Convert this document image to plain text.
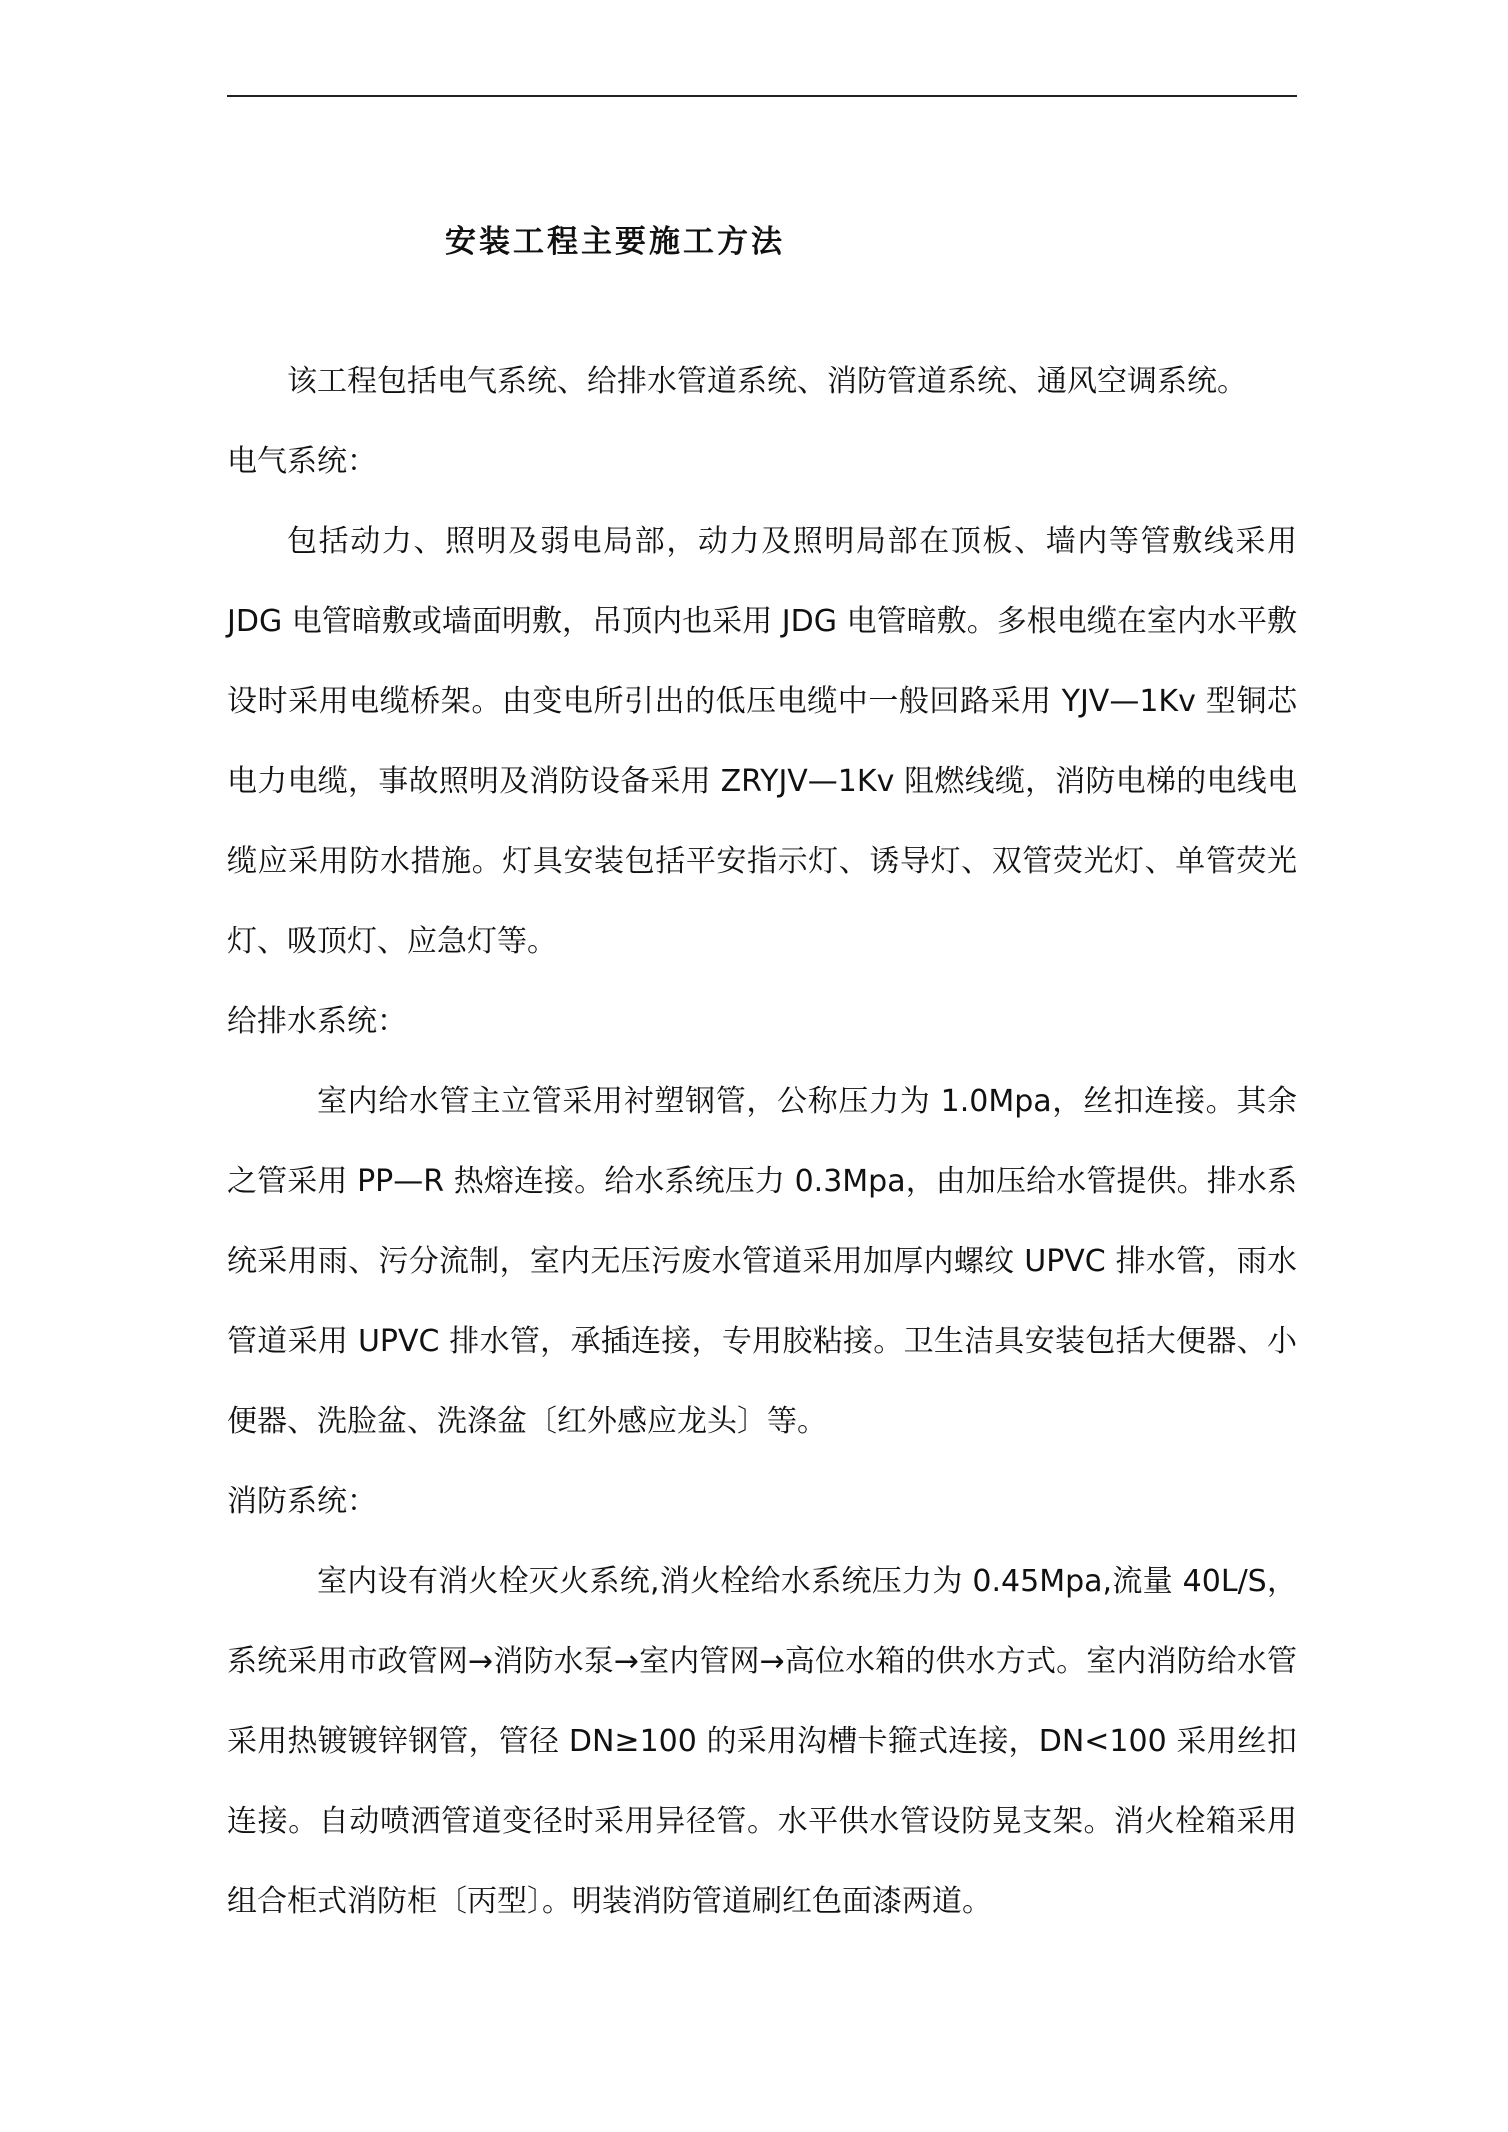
安装工程主要施工方法

该工程包括电气系统、给排水管道系统、消防管道系统、通风空调系统。

电气系统：

包括动力、照明及弱电局部，动力及照明局部在顶板、墙内等管敷线采用 JDG 电管暗敷或墙面明敷，吊顶内也采用 JDG 电管暗敷。多根电缆在室内水平敷设时采用电缆桥架。由变电所引出的低压电缆中一般回路采用 YJV—1Kv 型铜芯电力电缆，事故照明及消防设备采用 ZRYJV—1Kv 阻燃线缆，消防电梯的电线电缆应采用防水措施。灯具安装包括平安指示灯、诱导灯、双管荧光灯、单管荧光灯、吸顶灯、应急灯等。

给排水系统：

室内给水管主立管采用衬塑钢管，公称压力为 1.0Mpa，丝扣连接。其余之管采用 PP—R 热熔连接。给水系统压力 0.3Mpa，由加压给水管提供。排水系统采用雨、污分流制，室内无压污废水管道采用加厚内螺纹 UPVC 排水管，雨水管道采用 UPVC 排水管，承插连接，专用胶粘接。卫生洁具安装包括大便器、小便器、洗脸盆、洗涤盆〔红外感应龙头〕等。

消防系统：

室内设有消火栓灭火系统,消火栓给水系统压力为 0.45Mpa,流量 40L/S，系统采用市政管网→消防水泵→室内管网→高位水箱的供水方式。室内消防给水管采用热镀镀锌钢管，管径 DN≥100 的采用沟槽卡箍式连接，DN<100 采用丝扣连接。自动喷洒管道变径时采用异径管。水平供水管设防晃支架。消火栓箱采用组合柜式消防柜〔丙型〕。明装消防管道刷红色面漆两道。
